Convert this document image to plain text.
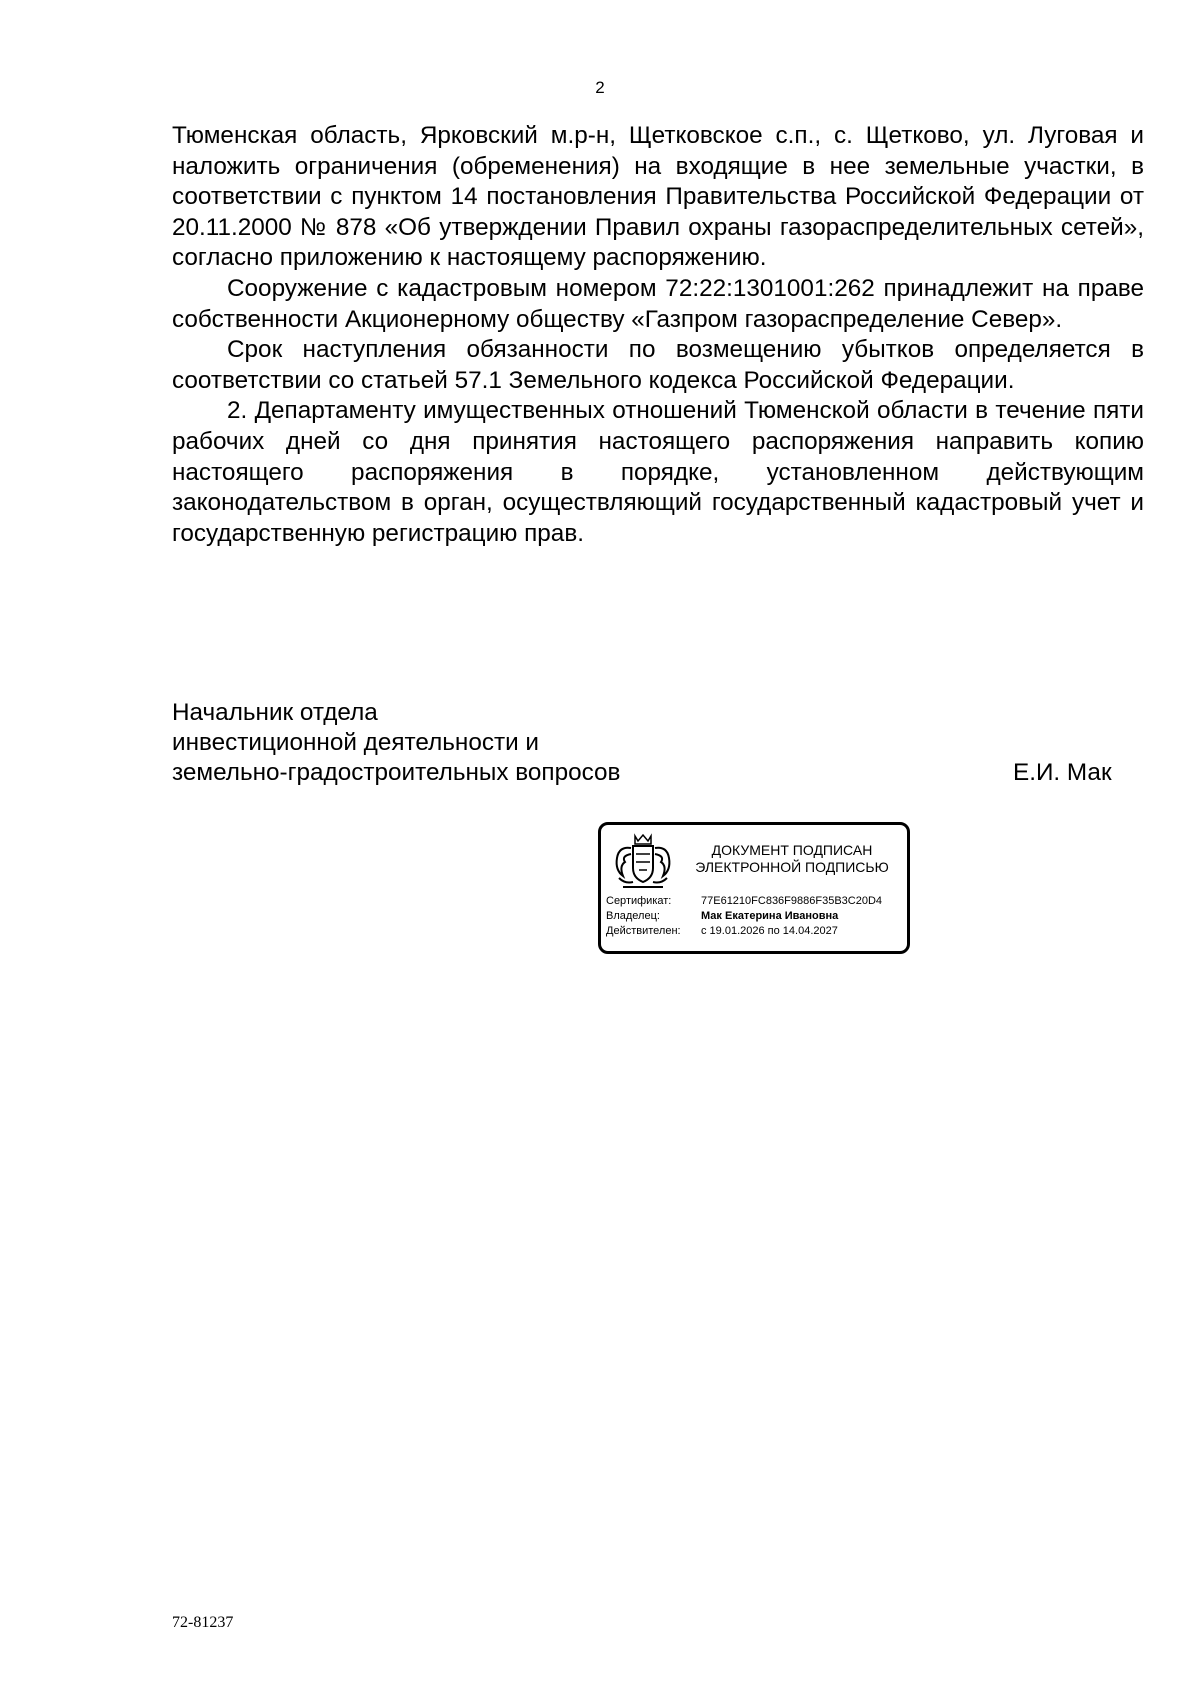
2

Тюменская область, Ярковский м.р-н, Щетковское с.п., с. Щетково, ул. Луговая и наложить ограничения (обременения) на входящие в нее земельные участки, в соответствии с пунктом 14 постановления Правительства Российской Федерации от 20.11.2000 № 878 «Об утверждении Правил охраны газораспределительных сетей», согласно приложению к настоящему распоряжению.

Сооружение с кадастровым номером 72:22:1301001:262 принадлежит на праве собственности Акционерному обществу «Газпром газораспределение Север».

Срок наступления обязанности по возмещению убытков определяется в соответствии со статьей 57.1 Земельного кодекса Российской Федерации.

2. Департаменту имущественных отношений Тюменской области в течение пяти рабочих дней со дня принятия настоящего распоряжения направить копию настоящего распоряжения в порядке, установленном действующим законодательством в орган, осуществляющий государственный кадастровый учет и государственную регистрацию прав.

Начальник отдела
инвестиционной деятельности и
земельно-градостроительных вопросов	Е.И. Мак
ДОКУМЕНТ ПОДПИСАН
ЭЛЕКТРОННОЙ ПОДПИСЬЮ
Сертификат:	77E61210FC836F9886F35B3C20D4
Владелец:	Мак Екатерина Ивановна
Действителен: с 19.01.2026 по 14.04.2027
72-81237
